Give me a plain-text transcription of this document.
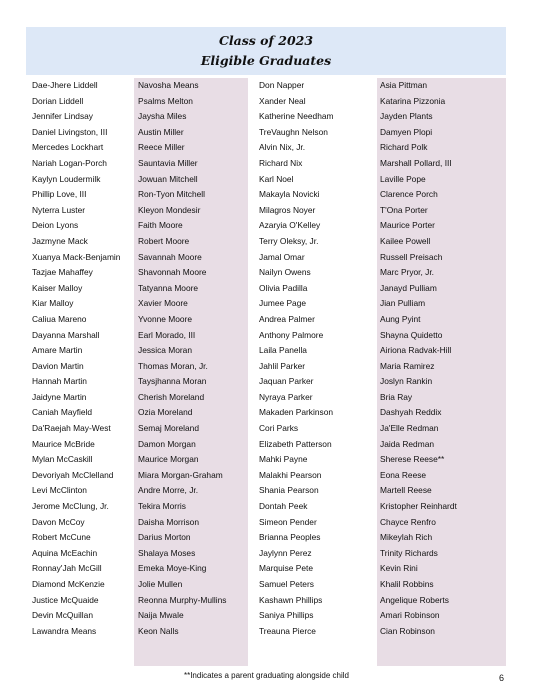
Class of 2023
Eligible Graduates
Dae-Jhere Liddell
Dorian Liddell
Jennifer Lindsay
Daniel Livingston, III
Mercedes Lockhart
Nariah Logan-Porch
Kaylyn Loudermilk
Phillip Love, III
Nyterra Luster
Deion Lyons
Jazmyne Mack
Xuanya Mack-Benjamin
Tazjae Mahaffey
Kaiser Malloy
Kiar Malloy
Caliua Mareno
Dayanna Marshall
Amare Martin
Davion Martin
Hannah Martin
Jaidyne Martin
Caniah Mayfield
Da'Raejah May-West
Maurice McBride
Mylan McCaskill
Devoriyah McClelland
Levi McClinton
Jerome McClung, Jr.
Davon McCoy
Robert McCune
Aquina McEachin
Ronnay'Jah McGill
Diamond McKenzie
Justice McQuaide
Devin McQuillan
Lawandra Means
Navosha Means
Psalms Melton
Jaysha Miles
Austin Miller
Reece Miller
Sauntavia Miller
Jowuan Mitchell
Ron-Tyon Mitchell
Kleyon Mondesir
Faith Moore
Robert Moore
Savannah Moore
Shavonnah Moore
Tatyanna Moore
Xavier Moore
Yvonne Moore
Earl Morado, III
Jessica Moran
Thomas Moran, Jr.
Taysjhanna Moran
Cherish Moreland
Ozia Moreland
Semaj Moreland
Damon Morgan
Maurice Morgan
Miara Morgan-Graham
Andre Morre, Jr.
Tekira Morris
Daisha Morrison
Darius Morton
Shalaya Moses
Emeka Moye-King
Jolie Mullen
Reonna Murphy-Mullins
Naija Mwale
Keon Nalls
Don Napper
Xander Neal
Katherine Needham
TreVaughn Nelson
Alvin Nix, Jr.
Richard Nix
Karl Noel
Makayla Novicki
Milagros Noyer
Azaryia O'Kelley
Terry Oleksy, Jr.
Jamal Omar
Nailyn Owens
Olivia Padilla
Jumee Page
Andrea Palmer
Anthony Palmore
Laila Panella
Jahlil Parker
Jaquan Parker
Nyraya Parker
Makaden Parkinson
Cori Parks
Elizabeth Patterson
Mahki Payne
Malakhi Pearson
Shania Pearson
Dontah Peek
Simeon Pender
Brianna Peoples
Jaylynn Perez
Marquise Pete
Samuel Peters
Kashawn Phillips
Saniya Phillips
Treauna Pierce
Asia Pittman
Katarina Pizzonia
Jayden Plants
Damyen Plopi
Richard Polk
Marshall Pollard, III
Laville Pope
Clarence Porch
T'Ona Porter
Maurice Porter
Kailee Powell
Russell Preisach
Marc Pryor, Jr.
Janayd Pulliam
Jian Pulliam
Aung Pyint
Shayna Quidetto
Airiona Radvak-Hill
Maria Ramirez
Joslyn Rankin
Bria Ray
Dashyah Reddix
Ja'Elle Redman
Jaida Redman
Sherese Reese**
Eona Reese
Martell Reese
Kristopher Reinhardt
Chayce Renfro
Mikeylah Rich
Trinity Richards
Kevin Rini
Khalil Robbins
Angelique Roberts
Amari Robinson
Cian Robinson
**Indicates a parent graduating alongside child	6
